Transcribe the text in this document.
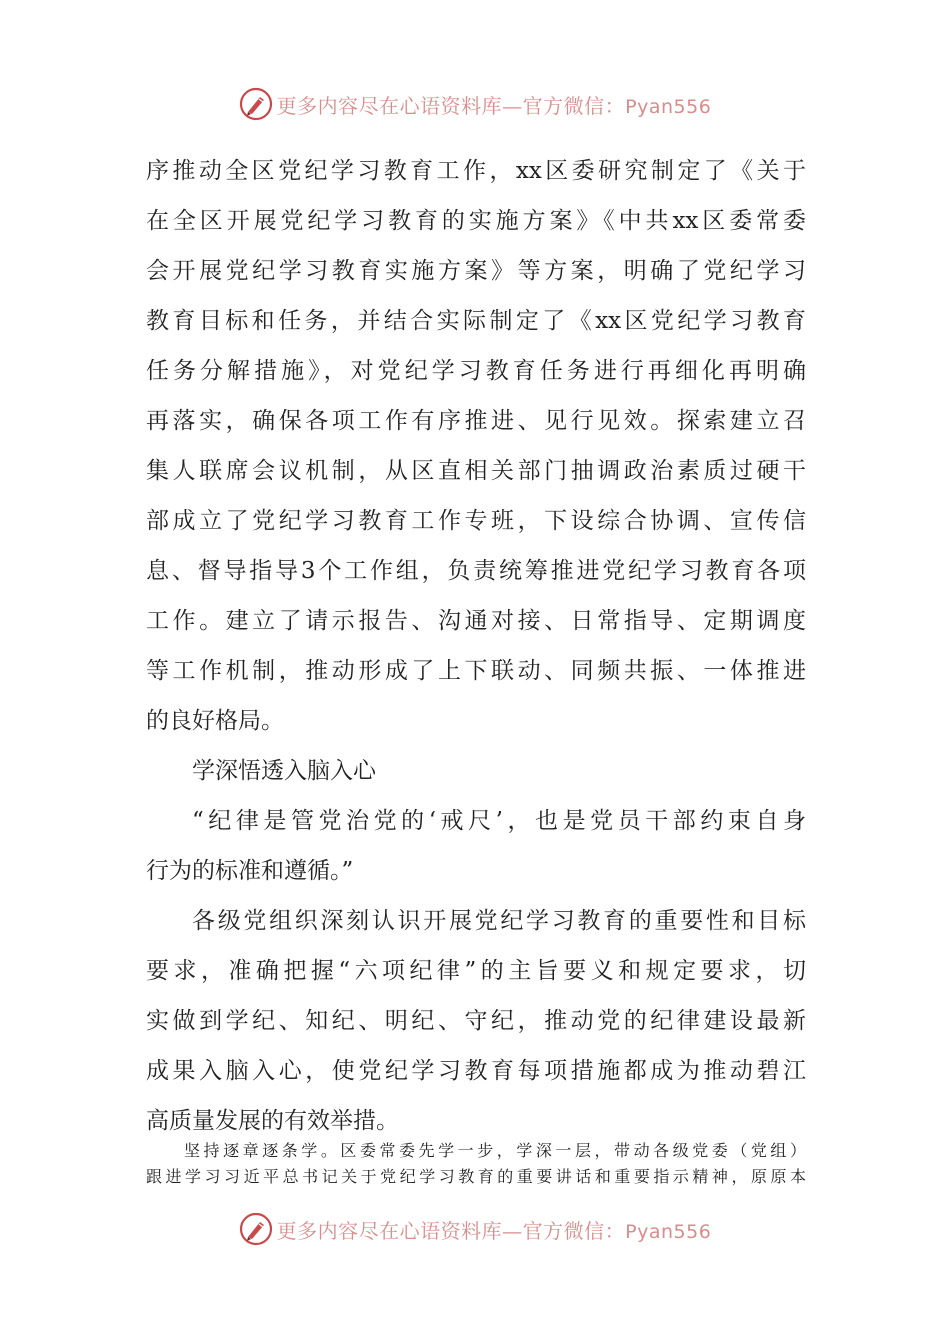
更多内容尽在心语资料库—官方微信：Pyan556
序推动全区党纪学习教育工作，xx区委研究制定了《关于
在全区开展党纪学习教育的实施方案》《中共xx区委常委
会开展党纪学习教育实施方案》等方案，明确了党纪学习
教育目标和任务，并结合实际制定了《xx区党纪学习教育
任务分解措施》，对党纪学习教育任务进行再细化再明确
再落实，确保各项工作有序推进、见行见效。探索建立召
集人联席会议机制，从区直相关部门抽调政治素质过硬干
部成立了党纪学习教育工作专班，下设综合协调、宣传信
息、督导指导3个工作组，负责统筹推进党纪学习教育各项
工作。建立了请示报告、沟通对接、日常指导、定期调度
等工作机制，推动形成了上下联动、同频共振、一体推进
的良好格局。
学深悟透入脑入心
“纪律是管党治党的‘戒尺’，也是党员干部约束自身
行为的标准和遵循。”
各级党组织深刻认识开展党纪学习教育的重要性和目标
要求，准确把握“六项纪律”的主旨要义和规定要求，切
实做到学纪、知纪、明纪、守纪，推动党的纪律建设最新
成果入脑入心，使党纪学习教育每项措施都成为推动碧江
高质量发展的有效举措。
坚持逐章逐条学。区委常委先学一步，学深一层，带动各级党委（党组）
跟进学习习近平总书记关于党纪学习教育的重要讲话和重要指示精神，原原本
更多内容尽在心语资料库—官方微信：Pyan556
